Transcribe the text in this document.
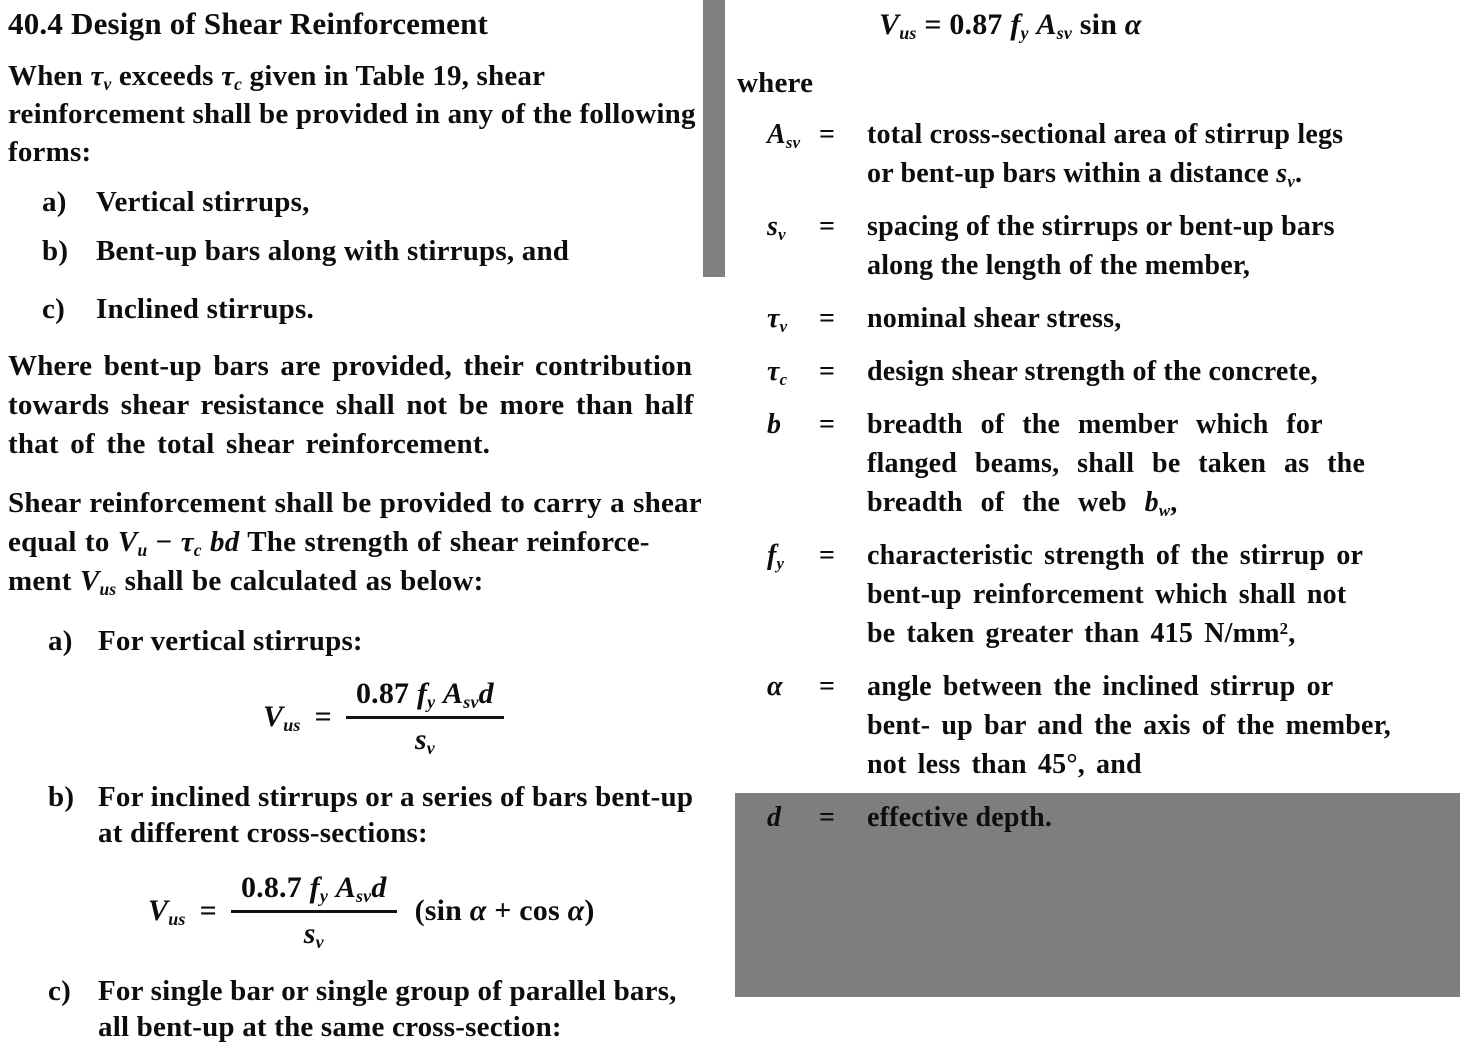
40.4 Design of Shear Reinforcement

When $\tau_v$ exceeds $\tau_c$ given in Table 19, shear
reinforcement shall be provided in any of the following
forms:

a)	Vertical stirrups,
b) Bent-up bars along with stirrups, and
c)	Inclined stirrups.

Where bent-up bars are provided, their contribution
towards shear resistance shall not be more than half
that of the total shear reinforcement.

Shear reinforcement shall be provided to carry a shear
equal to $V_u - \tau_c$ bd The strength of shear reinforce-
ment $V_{us}$ shall be calculated as below:

a) For vertical stirrups:
$V_{us} = \frac{0.87 f_y A_{sv}d}{s_v}$
b) For inclined stirrups or a series of bars bent-up
at different cross-sections:
$V_{us} = \frac{0.8.7 f_y A_{sv}d}{s_v} (\sin$ α + cos α)
c) For single bar or single group of parallel bars,
all bent-up at the same cross-section:
$V_{us} = 0.87$ $f_y$ $A_{sv}$ sin α
where
$A_{sv}$ =	total cross-sectional area of stirrup legs
or bent-up bars within a distance $s_v$.
$s_v$	=	spacing of the stirrups or bent-up bars
along the length of the member,
$\tau_v$	=	nominal shear stress,
$\tau_c$	=	design shear strength of the concrete,
b	=	breadth of the member which for
flanged beams, shall be taken as the
breadth of the web $b_w$,
$f_y$	=	characteristic strength of the stirrup or
bent-up reinforcement which shall not
be taken greater than 415 $N/mm^2$,
α	=	angle between the inclined stirrup or
bent- up bar and the axis of the member,
not less than 45°, and
d	=	effective depth.
